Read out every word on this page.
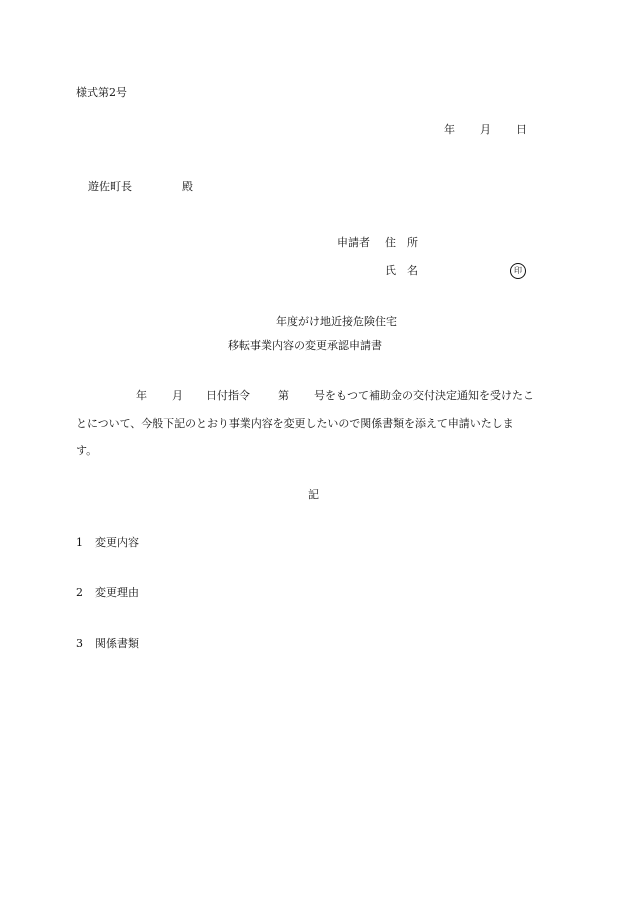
様式第2号
年 月 日
遊佐町長	殿
申請者 住　所
氏　名	印
年度がけ地近接危険住宅
移転事業内容の変更承認申請書
年 月 日付指令	第 号をもつて補助金の交付決定通知を受けたこ
とについて、今般下記のとおり事業内容を変更したいので関係書類を添えて申請いたしま
す。
記
1 変更内容
2 変更理由
3 関係書類
